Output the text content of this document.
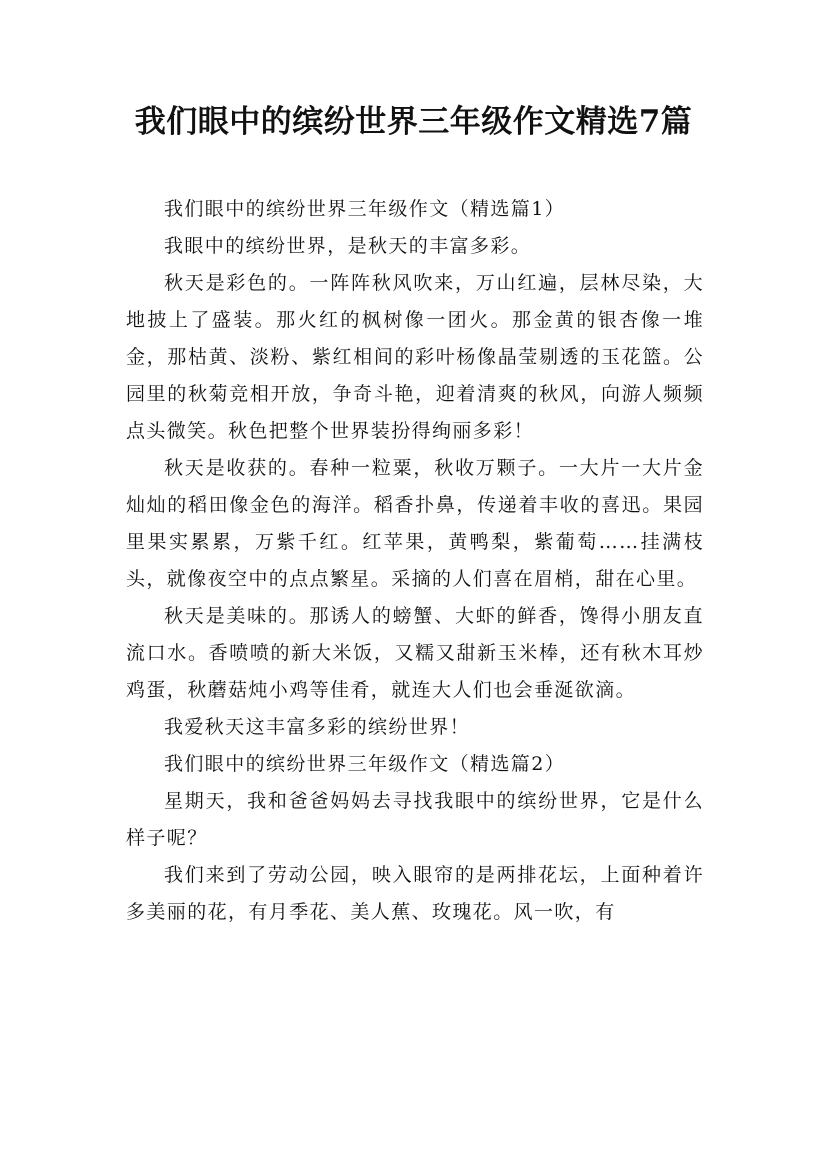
我们眼中的缤纷世界三年级作文精选7篇

我们眼中的缤纷世界三年级作文（精选篇1）

我眼中的缤纷世界，是秋天的丰富多彩。

秋天是彩色的。一阵阵秋风吹来，万山红遍，层林尽染，大地披上了盛装。那火红的枫树像一团火。那金黄的银杏像一堆金，那枯黄、淡粉、紫红相间的彩叶杨像晶莹剔透的玉花篮。公园里的秋菊竞相开放，争奇斗艳，迎着清爽的秋风，向游人频频点头微笑。秋色把整个世界装扮得绚丽多彩！

秋天是收获的。春种一粒粟，秋收万颗子。一大片一大片金灿灿的稻田像金色的海洋。稻香扑鼻，传递着丰收的喜迅。果园里果实累累，万紫千红。红苹果，黄鸭梨，紫葡萄……挂满枝头，就像夜空中的点点繁星。采摘的人们喜在眉梢，甜在心里。

秋天是美味的。那诱人的螃蟹、大虾的鲜香，馋得小朋友直流口水。香喷喷的新大米饭，又糯又甜新玉米棒，还有秋木耳炒鸡蛋，秋蘑菇炖小鸡等佳肴，就连大人们也会垂涎欲滴。

我爱秋天这丰富多彩的缤纷世界！

我们眼中的缤纷世界三年级作文（精选篇2）

星期天，我和爸爸妈妈去寻找我眼中的缤纷世界，它是什么样子呢？

我们来到了劳动公园，映入眼帘的是两排花坛，上面种着许多美丽的花，有月季花、美人蕉、玫瑰花。风一吹，有
